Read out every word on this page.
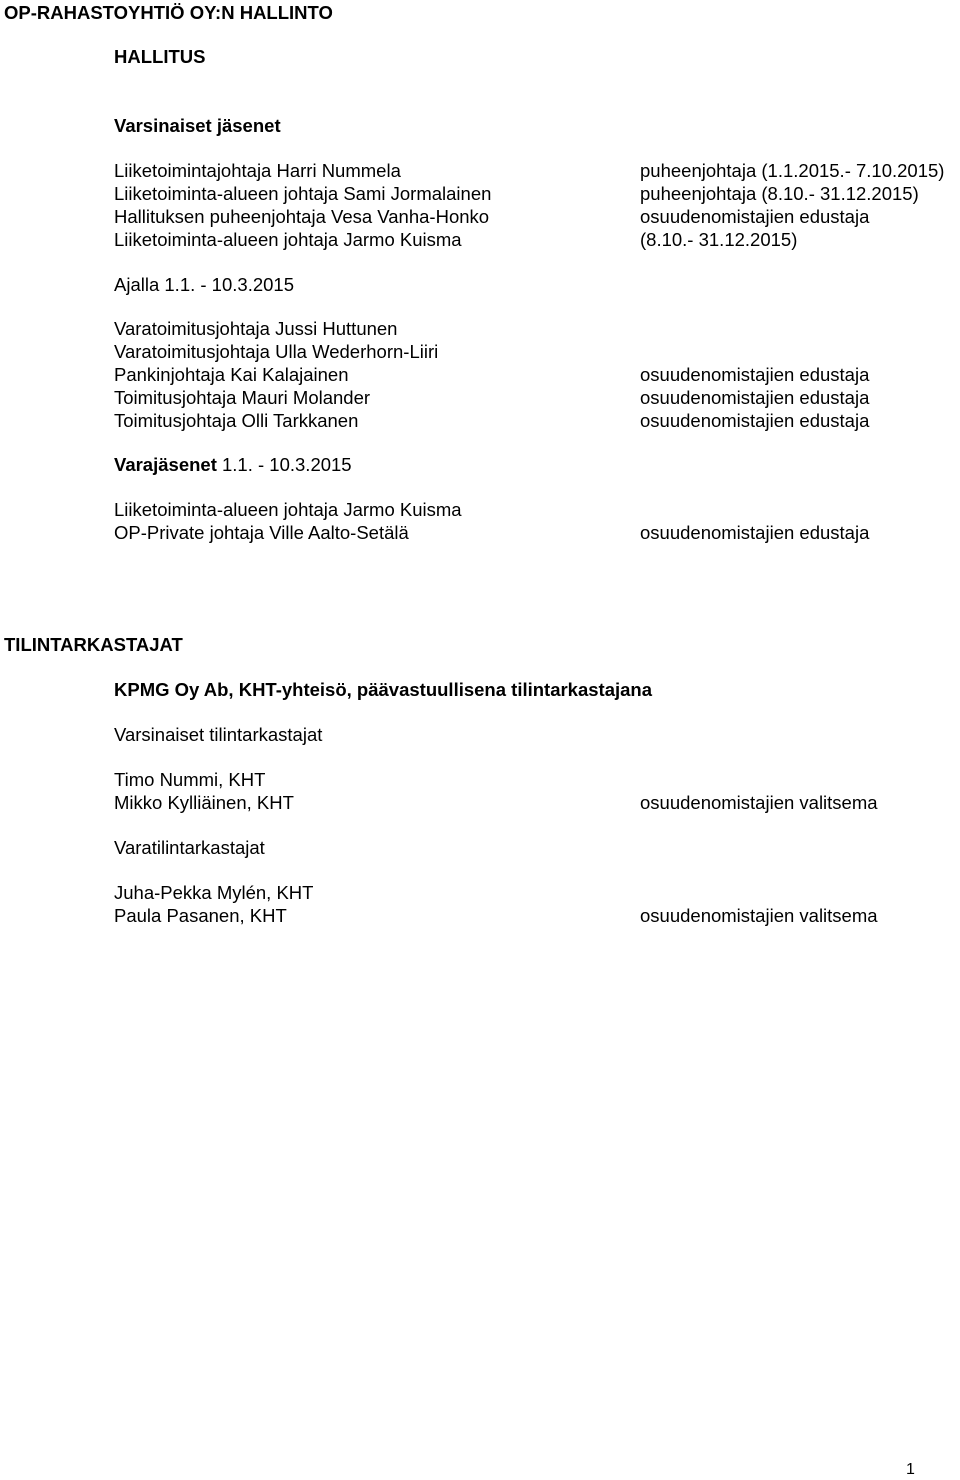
OP-RAHASTOYHTIÖ OY:N HALLINTO
HALLITUS
Varsinaiset jäsenet
Liiketoimintajohtaja Harri Nummela	puheenjohtaja (1.1.2015.- 7.10.2015)
Liiketoiminta-alueen johtaja Sami Jormalainen	puheenjohtaja (8.10.- 31.12.2015)
Hallituksen puheenjohtaja Vesa Vanha-Honko	osuudenomistajien edustaja
Liiketoiminta-alueen johtaja Jarmo Kuisma	(8.10.- 31.12.2015)
Ajalla 1.1. - 10.3.2015
Varatoimitusjohtaja Jussi Huttunen
Varatoimitusjohtaja Ulla Wederhorn-Liiri
Pankinjohtaja Kai Kalajainen	osuudenomistajien edustaja
Toimitusjohtaja Mauri Molander	osuudenomistajien edustaja
Toimitusjohtaja Olli Tarkkanen	osuudenomistajien edustaja
Varajäsenet 1.1. - 10.3.2015
Liiketoiminta-alueen johtaja Jarmo Kuisma
OP-Private johtaja Ville Aalto-Setälä	osuudenomistajien edustaja
TILINTARKASTAJAT
KPMG Oy Ab, KHT-yhteisö, päävastuullisena tilintarkastajana
Varsinaiset tilintarkastajat
Timo Nummi, KHT
Mikko Kylliäinen, KHT	osuudenomistajien valitsema
Varatilintarkastajat
Juha-Pekka Mylén, KHT
Paula Pasanen, KHT	osuudenomistajien valitsema
1
